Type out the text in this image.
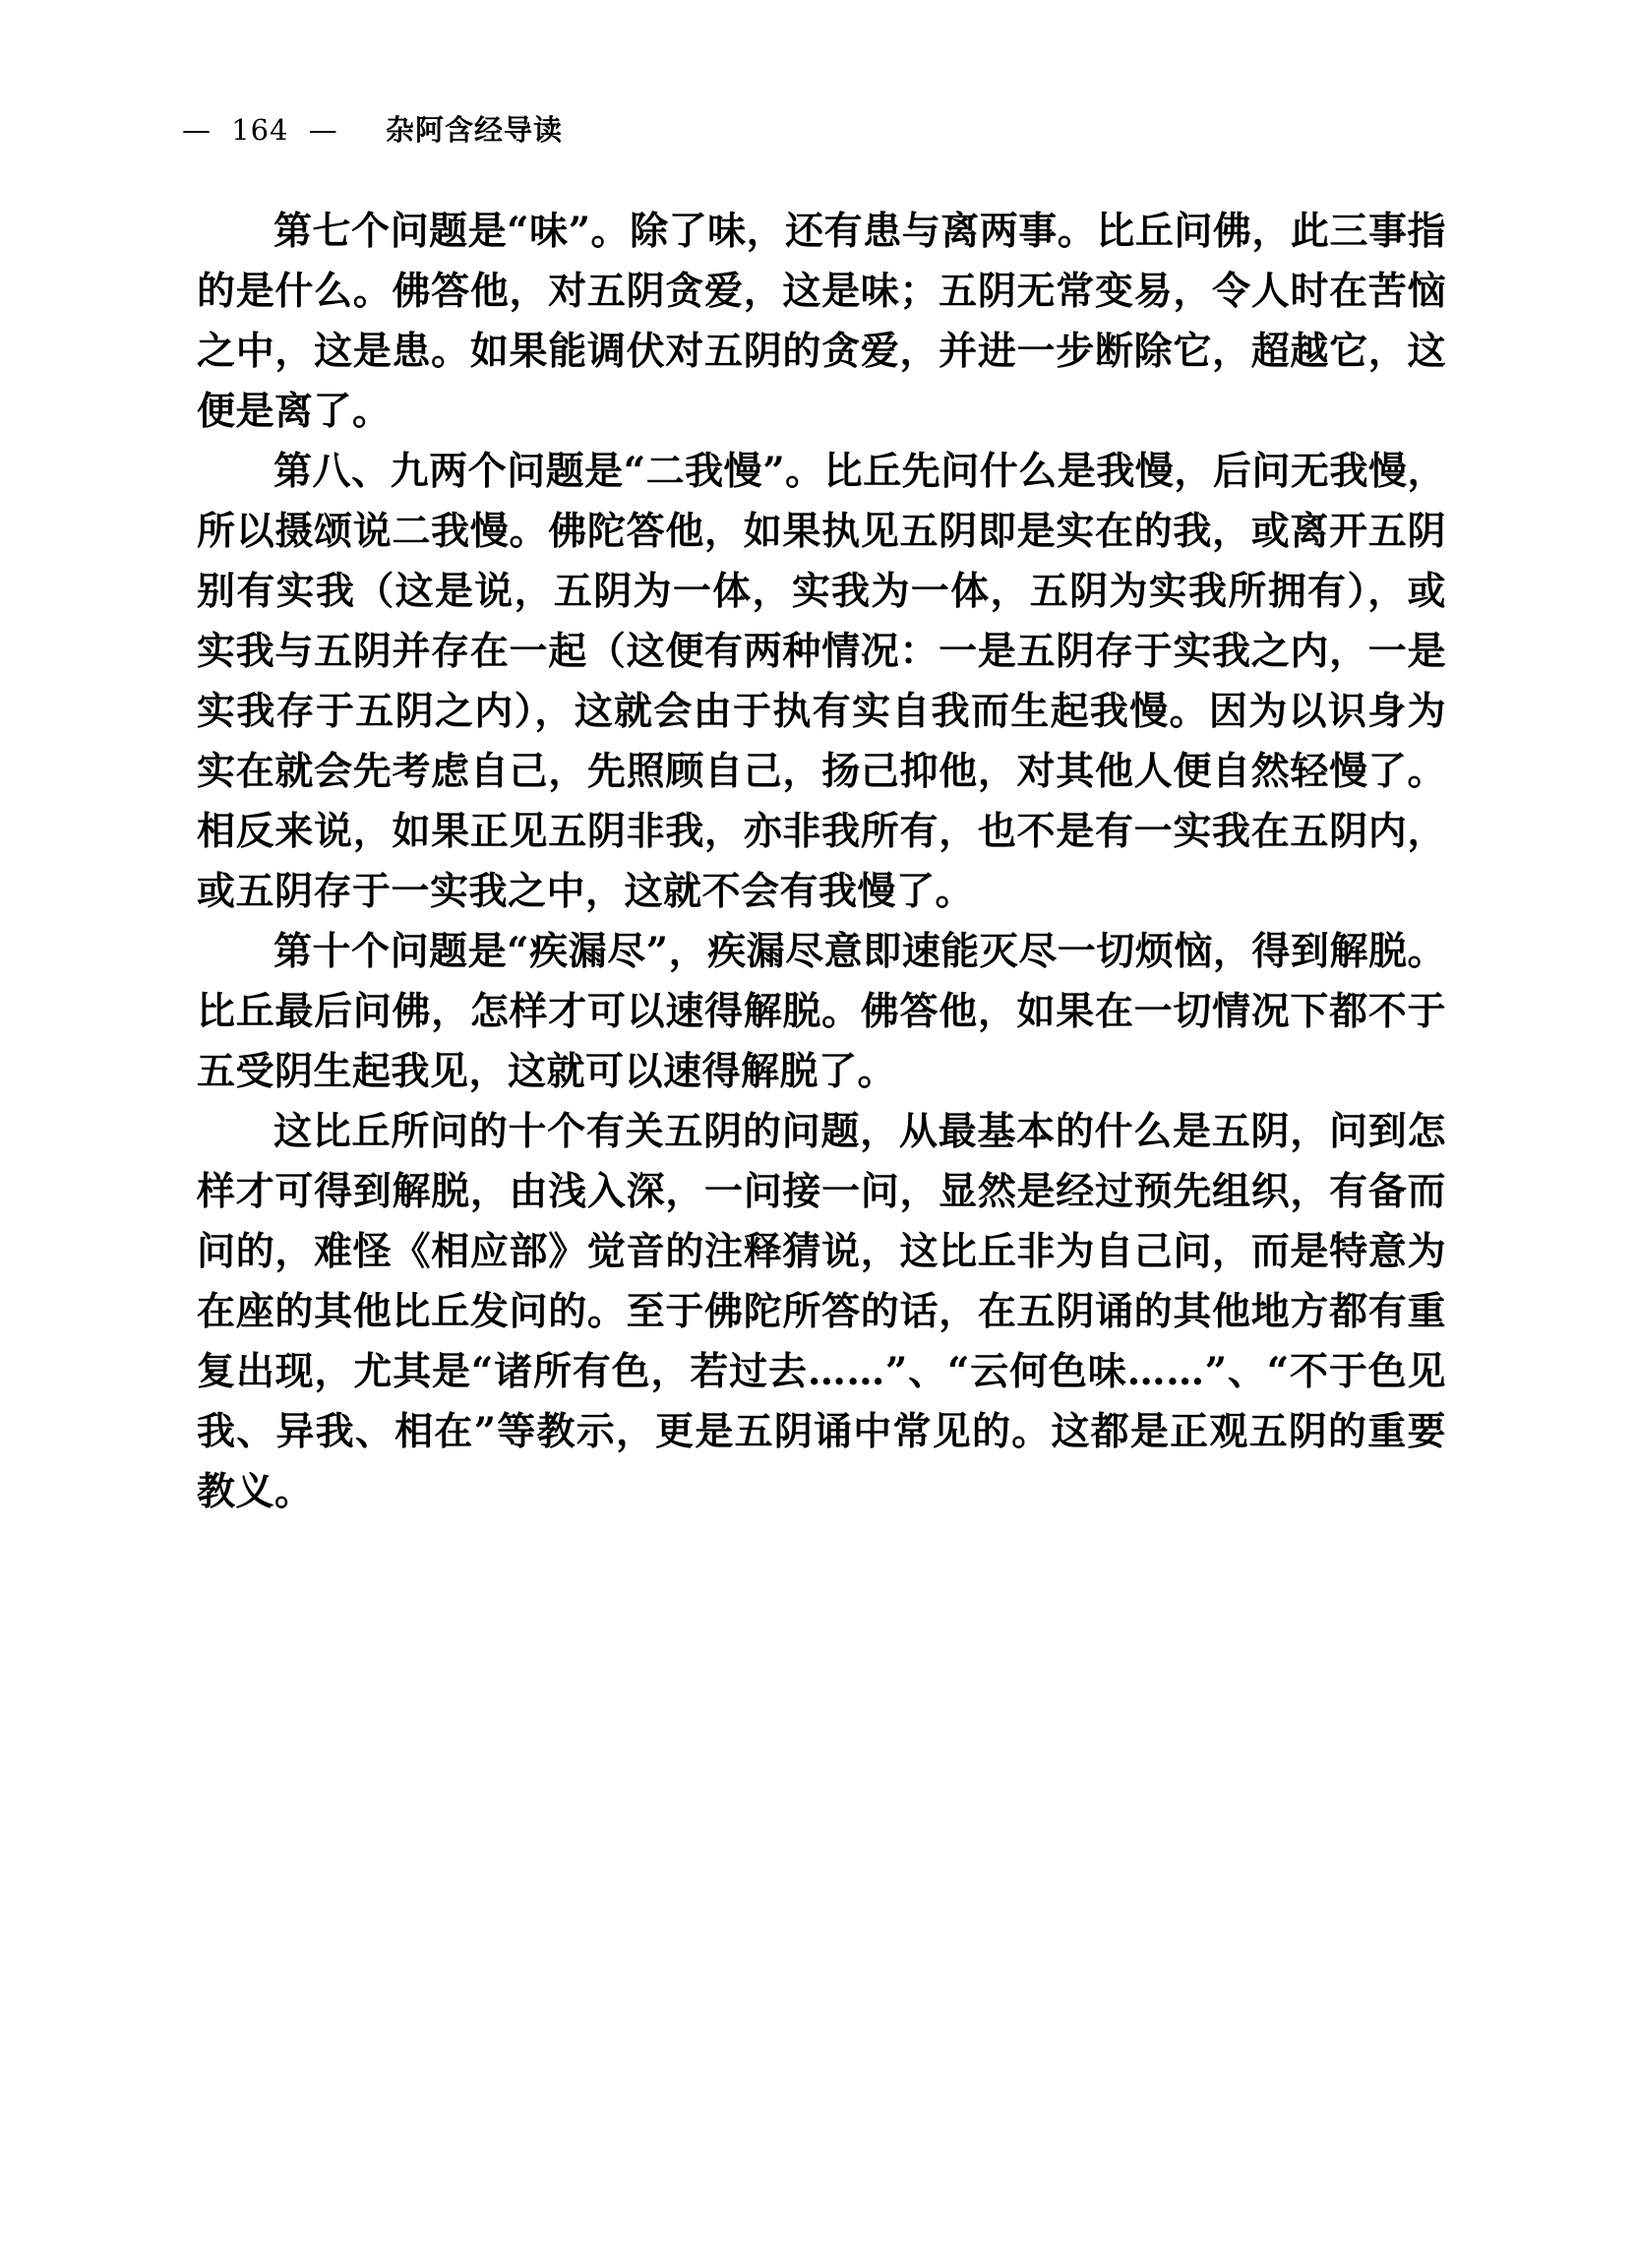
— 164 — 杂阿含经导读

第七个问题是“味”。除了味，还有患与离两事。比丘问佛，此三事指的是什么。佛答他，对五阴贪爱，这是味；五阴无常变易，令人时在苦恼之中，这是患。如果能调伏对五阴的贪爱，并进一步断除它，超越它，这便是离了。

第八、九两个问题是“二我慢”。比丘先问什么是我慢，后问无我慢，所以摄颂说二我慢。佛陀答他，如果执见五阴即是实在的我，或离开五阴别有实我（这是说，五阴为一体，实我为一体，五阴为实我所拥有），或实我与五阴并存在一起（这便有两种情况：一是五阴存于实我之内，一是实我存于五阴之内），这就会由于执有实自我而生起我慢。因为以识身为实在就会先考虑自己，先照顾自己，扬己抑他，对其他人便自然轻慢了。相反来说，如果正见五阴非我，亦非我所有，也不是有一实我在五阴内，或五阴存于一实我之中，这就不会有我慢了。

第十个问题是“疾漏尽”，疾漏尽意即速能灭尽一切烦恼，得到解脱。比丘最后问佛，怎样才可以速得解脱。佛答他，如果在一切情况下都不于五受阴生起我见，这就可以速得解脱了。

这比丘所问的十个有关五阴的问题，从最基本的什么是五阴，问到怎样才可得到解脱，由浅入深，一问接一问，显然是经过预先组织，有备而问的，难怪《相应部》觉音的注释猜说，这比丘非为自己问，而是特意为在座的其他比丘发问的。至于佛陀所答的话，在五阴诵的其他地方都有重复出现，尤其是“诸所有色，若过去……”、“云何色味……”、“不于色见我、异我、相在”等教示，更是五阴诵中常见的。这都是正观五阴的重要教义。
